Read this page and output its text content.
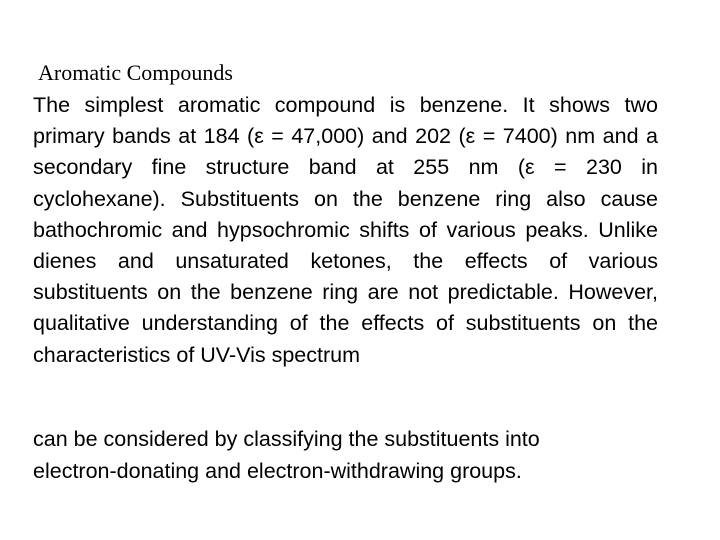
Aromatic Compounds

The simplest aromatic compound is benzene. It shows two primary bands at 184 (ε = 47,000) and 202 (ε = 7400) nm and a secondary fine structure band at 255 nm (ε = 230 in cyclohexane). Substituents on the benzene ring also cause bathochromic and hypsochromic shifts of various peaks. Unlike dienes and unsaturated ketones, the effects of various substituents on the benzene ring are not predictable. However, qualitative understanding of the effects of substituents on the characteristics of UV-Vis spectrum

can be considered by classifying the substituents into
electron-donating and electron-withdrawing groups.
